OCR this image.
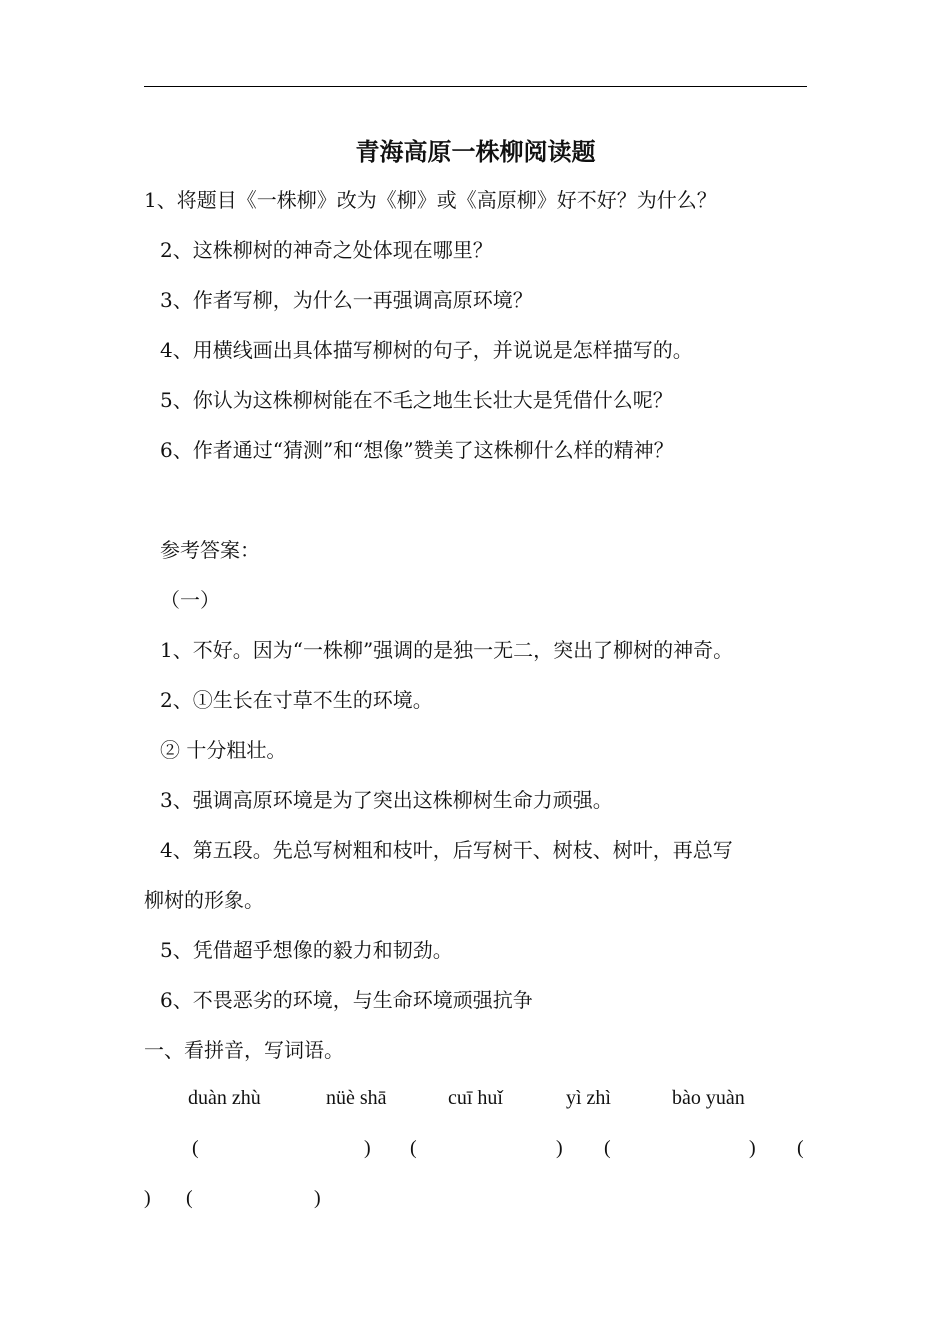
青海高原一株柳阅读题
1、将题目《一株柳》改为《柳》或《高原柳》好不好？为什么？
2、这株柳树的神奇之处体现在哪里？
3、作者写柳，为什么一再强调高原环境？
4、用横线画出具体描写柳树的句子，并说说是怎样描写的。
5、你认为这株柳树能在不毛之地生长壮大是凭借什么呢？
6、作者通过“猜测”和“想像”赞美了这株柳什么样的精神？
参考答案：
（一）
1、不好。因为“一株柳”强调的是独一无二，突出了柳树的神奇。
2、①生长在寸草不生的环境。
② 十分粗壮。
3、强调高原环境是为了突出这株柳树生命力顽强。
4、第五段。先总写树粗和枝叶，后写树干、树枝、树叶，再总写
柳树的形象。
5、凭借超乎想像的毅力和韧劲。
6、不畏恶劣的环境，与生命环境顽强抗争
一、看拼音，写词语。
duàn zhù	nüè shā	cuī huǐ	yì zhì	bào yuàn
(	) (	) (	) (
) (	)
